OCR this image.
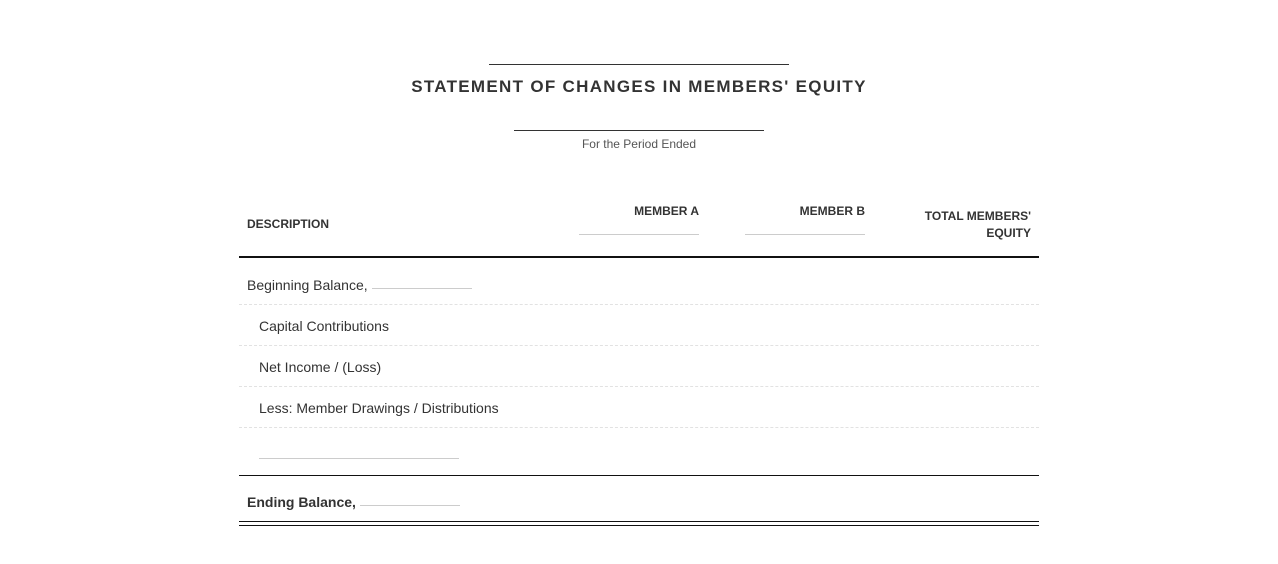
STATEMENT OF CHANGES IN MEMBERS' EQUITY
For the Period Ended
DESCRIPTION
MEMBER A	MEMBER B	TOTAL MEMBERS'
EQUITY
Beginning Balance,
Capital Contributions
Net Income / (Loss)
Less: Member Drawings / Distributions
Ending Balance,
